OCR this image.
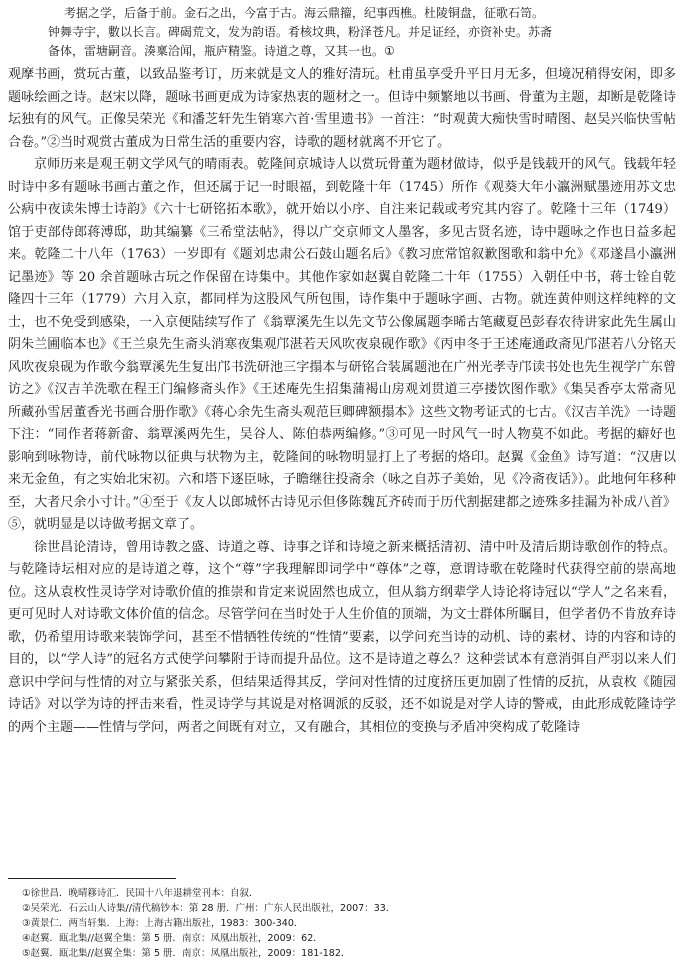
考据之学，后备于前。金石之出，今富于古。海云鼎籀，纪事西樵。杜陵铜盘，征歌石笥。

钟舞寺宇，數以长言。碑碣荒文，发为韵语。肴核坟典，粉泽苍凡。并足证经，亦资补史。苏斋

备体，雷塘嗣音。湊稟洽闻，瓶庐精鉴。诗道之尊，又其一也。①

观摩书画，赏玩古董，以致品鉴考订，历来就是文人的雅好清玩。杜甫虽享受升平日月无多，但境况稍得安闲，即多题咏绘画之诗。赵宋以降，题咏书画更成为诗家热衷的题材之一。但诗中频繁地以书画、骨董为主题，却断是乾隆诗坛独有的风气。正像吴荣光《和潘芝轩先生销寒六首·雪里遗书》一首注：“时观黄大痴快雪时晴图、赵吴兴临快雪帖合卷。”②当时观赏古董成为日常生活的重要内容，诗歌的题材就离不开它了。

京师历来是观王朝文学风气的晴雨表。乾隆间京城诗人以赏玩骨董为题材做诗，似乎是钱载开的风气。钱载年轻时诗中多有题咏书画古董之作，但还属于记一时眼福，到乾隆十年（1745）所作《观葵大年小瀛洲赋墨迹用苏文忠公病中夜读朱博士诗韵》《六十七研铭拓本歌》，就开始以小序、自注来记载或考究其内容了。乾隆十三年（1749）馆于吏部侍郎蒋溥邸，助其编纂《三希堂法帖》，得以广交京师文人墨客，多见古贤名迹，诗中题咏之作也日益多起来。乾隆二十八年（1763）一岁即有《题刘忠肃公石鼓山题名后》《教习庶常馆叙歉图歌和翁中允》《邓遂昌小瀛洲记墨迹》等 20 余首题咏古玩之作保留在诗集中。其他作家如赵翼自乾隆二十年（1755）入朝任中书，蒋士铨自乾隆四十三年（1779）六月入京，都同样为这股风气所包围，诗作集中于题咏字画、古物。就连黄仲则这样纯粹的文士，也不免受到感染，一入京便陆续写作了《翁覃溪先生以先文节公像属题李晞古笔藏夏邑彭春农待讲家此先生属山阴朱兰圃临本也》《王兰泉先生斋头消寒夜集观邝湛若天风吹夜泉砚作歌》《丙申冬于王述庵通政斋见邝湛若八分铭天风吹夜泉砚为作歌今翁覃溪先生复出邝书洗研池三字搨本与研铭合装属题池在广州光孝寺邝读书处也先生视学广东曾访之》《汉吉羊洗歌在程王门编修斋头作》《王述庵先生招集蒲褐山房观刘贯道三亭搂饮图作歌》《集吴香亭太常斋见所藏孙雪居董香光书画合册作歌》《蒋心余先生斋头观范巨卿碑额搨本》这些文物考证式的七古。《汉吉羊洗》一诗题下注：“同作者蒋新畲、翁覃溪两先生，吴谷人、陈伯恭两编修。”③可见一时风气一时人物莫不如此。考据的癖好也影响到咏物诗，前代咏物以征典与状物为主，乾隆间的咏物明显打上了考据的烙印。赵翼《金鱼》诗写道：“汉唐以来无金鱼，有之实始北宋初。六和塔下逐臣咏，子瞻继往投斋余（咏之自苏子美始，见《冷斋夜话》）。此地何年移种至，大者尺余小寸计。”④至于《友人以郎城怀古诗见示但侈陈魏瓦齐砖而于历代割据建都之迹殊多挂漏为补成八首》⑤，就明显是以诗做考据文章了。

徐世昌论清诗，曾用诗教之盛、诗道之尊、诗事之详和诗境之新来概括清初、清中叶及清后期诗歌创作的特点。与乾隆诗坛相对应的是诗道之尊，这个“尊”字我理解即词学中“尊体”之尊，意谓诗歌在乾隆时代获得空前的崇高地位。这从袁枚性灵诗学对诗歌价值的推崇和肯定来说固然也成立，但从翁方纲辈学人诗论将诗冠以“学人”之名来看，更可见时人对诗歌文体价值的信念。尽管学问在当时处于人生价值的顶端，为文士群体所瞩目，但学者仍不肯放弃诗歌，仍希望用诗歌来装饰学问，甚至不惜牺牲传统的“性情”要素，以学问充当诗的动机、诗的素材、诗的内容和诗的目的，以“学人诗”的冠名方式使学问攀附于诗而提升品位。这不是诗道之尊么？这种尝试本有意消弭自严羽以来人们意识中学问与性情的对立与紧张关系，但结果适得其反，学问对性情的过度挤压更加剧了性情的反抗，从袁枚《随园诗话》对以学为诗的抨击来看，性灵诗学与其说是对格调派的反驳，还不如说是对学人诗的警戒，由此形成乾隆诗学的两个主题——性情与学问，两者之间既有对立，又有融合，其相位的变换与矛盾冲突构成了乾隆诗

①徐世昌．晚晴簃诗汇．民国十八年退耕堂刊本：自叙．
②吴荣光．石云山人诗集//清代稿钞本：第 28 册．广州：广东人民出版社，2007：33．
③黄景仁．两当轩集．上海：上海古籍出版社，1983：300-340．
④赵翼．瓯北集//赵翼全集：第 5 册．南京：凤凰出版社，2009：62．
⑤赵翼．瓯北集//赵翼全集：第 5 册．南京：凤凰出版社，2009：181-182．
